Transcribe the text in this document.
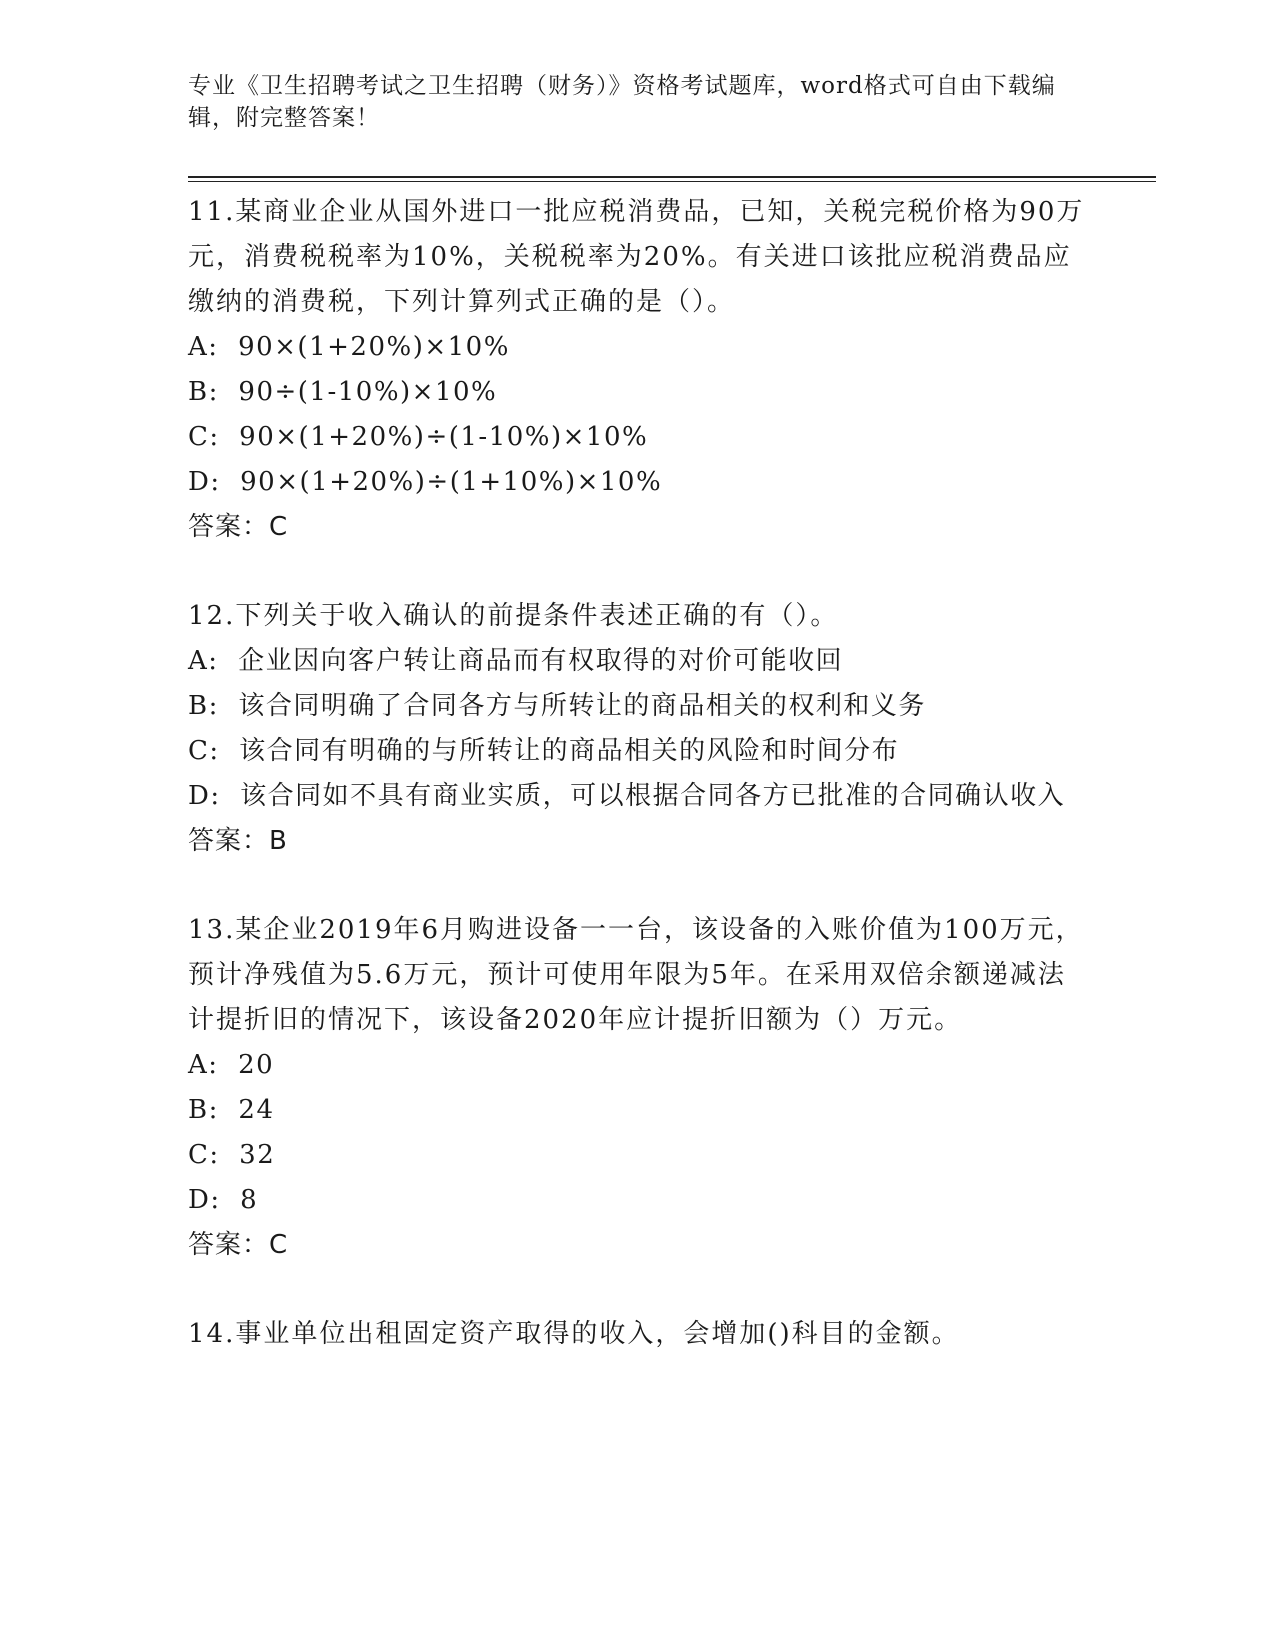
专业《卫生招聘考试之卫生招聘（财务）》资格考试题库，word格式可自由下载编辑，附完整答案！
11.某商业企业从国外进口一批应税消费品，已知，关税完税价格为90万元，消费税税率为10%，关税税率为20%。有关进口该批应税消费品应缴纳的消费税，下列计算列式正确的是（）。
A:  90×(1+20%)×10%
B:  90÷(1-10%)×10%
C:  90×(1+20%)÷(1-10%)×10%
D:  90×(1+20%)÷(1+10%)×10%
答案：C
12.下列关于收入确认的前提条件表述正确的有（）。
A:  企业因向客户转让商品而有权取得的对价可能收回
B:  该合同明确了合同各方与所转让的商品相关的权利和义务
C:  该合同有明确的与所转让的商品相关的风险和时间分布
D:  该合同如不具有商业实质，可以根据合同各方已批准的合同确认收入
答案：B
13.某企业2019年6月购进设备一一台，该设备的入账价值为100万元，预计净残值为5.6万元，预计可使用年限为5年。在采用双倍余额递减法计提折旧的情况下，该设备2020年应计提折旧额为（）万元。
A:  20
B:  24
C:  32
D:  8
答案：C
14.事业单位出租固定资产取得的收入，会增加()科目的金额。
